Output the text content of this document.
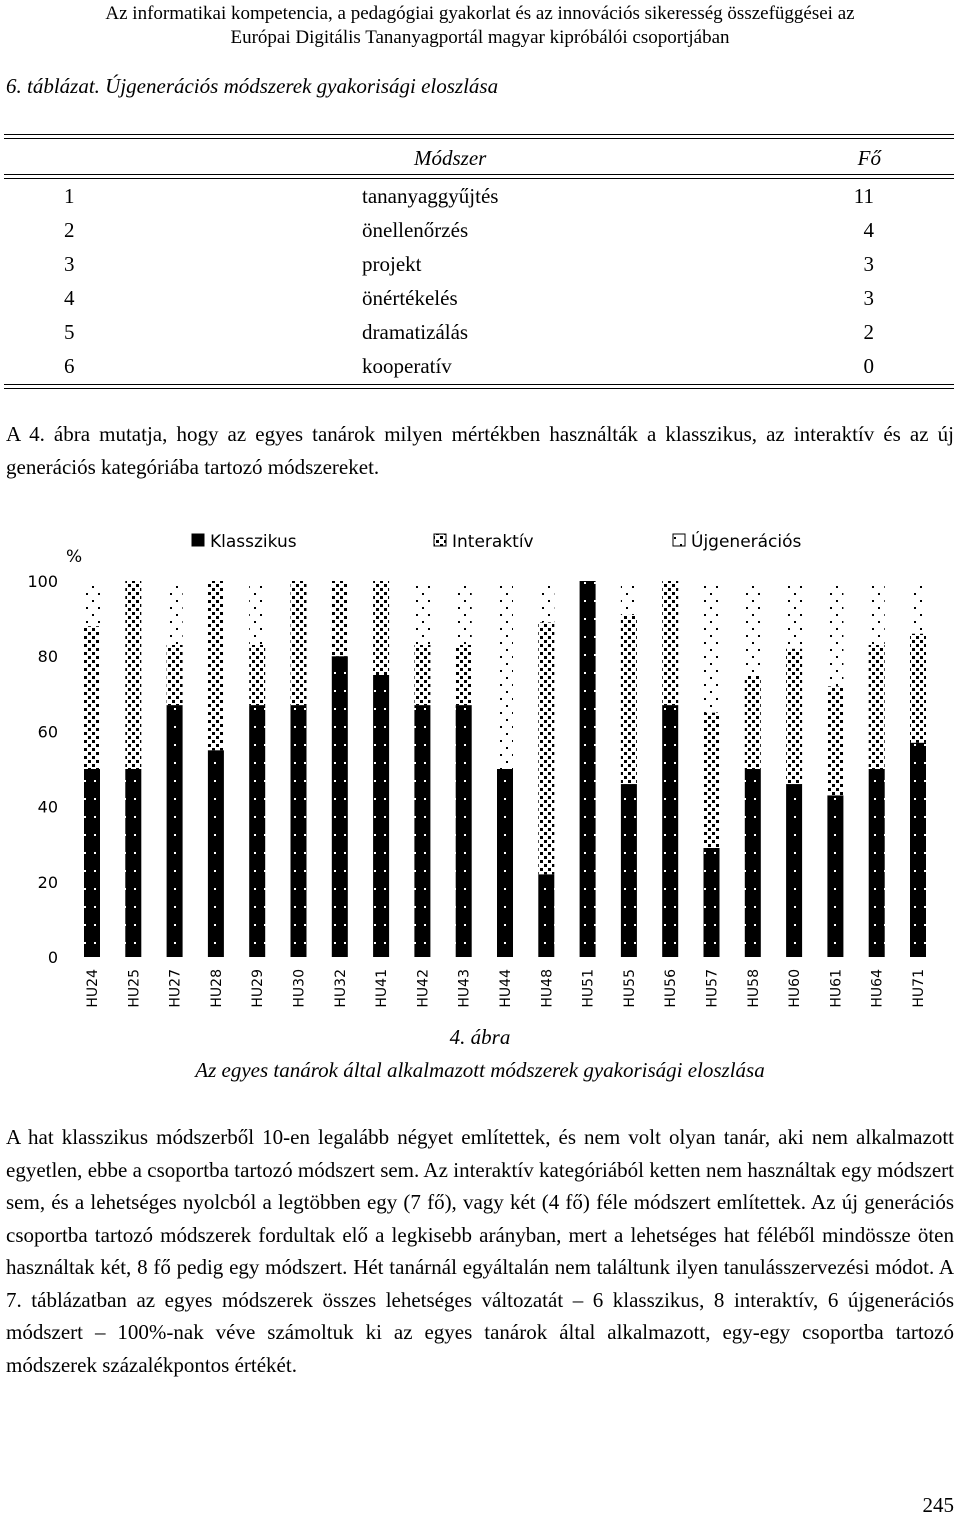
Az informatikai kompetencia, a pedagógiai gyakorlat és az innovációs sikeresség összefüggései az
Európai Digitális Tananyagportál magyar kipróbálói csoportjában
6. táblázat. Újgenerációs módszerek gyakorisági eloszlása
Módszer	Fő
1	tananyaggyűjtés	11
2	önellenőrzés	4
3	projekt	3
4	önértékelés	3
5	dramatizálás	2
6	kooperatív	0
A 4. ábra mutatja, hogy az egyes tanárok milyen mértékben használták a klasszikus, az interaktív és az új generációs kategóriába tartozó módszereket.
%
0
20
40
60
80
100
Klasszikus	Interaktív	Újgenerációs
HU24 HU25 HU27 HU28 HU29 HU30 HU32 HU41 HU42 HU43 HU44 HU48 HU51 HU55 HU56 HU57 HU58 HU60 HU61 HU64 HU71
4. ábra
Az egyes tanárok által alkalmazott módszerek gyakorisági eloszlása
A hat klasszikus módszerből 10-en legalább négyet említettek, és nem volt olyan tanár, aki nem alkalmazott egyetlen, ebbe a csoportba tartozó módszert sem. Az interaktív kategóriából ketten nem használtak egy módszert sem, és a lehetséges nyolcból a legtöbben egy (7 fő), vagy két (4 fő) féle módszert említettek. Az új generációs csoportba tartozó módszerek fordultak elő a legkisebb arányban, mert a lehetséges hat féléből mindössze öten használtak két, 8 fő pedig egy módszert. Hét tanárnál egyáltalán nem találtunk ilyen tanulásszervezési módot. A 7. táblázatban az egyes módszerek összes lehetséges változatát – 6 klasszikus, 8 interaktív, 6 újgenerációs módszert – 100%-nak véve számoltuk ki az egyes tanárok által alkalmazott, egy-egy csoportba tartozó módszerek százalékpontos értékét.
245
